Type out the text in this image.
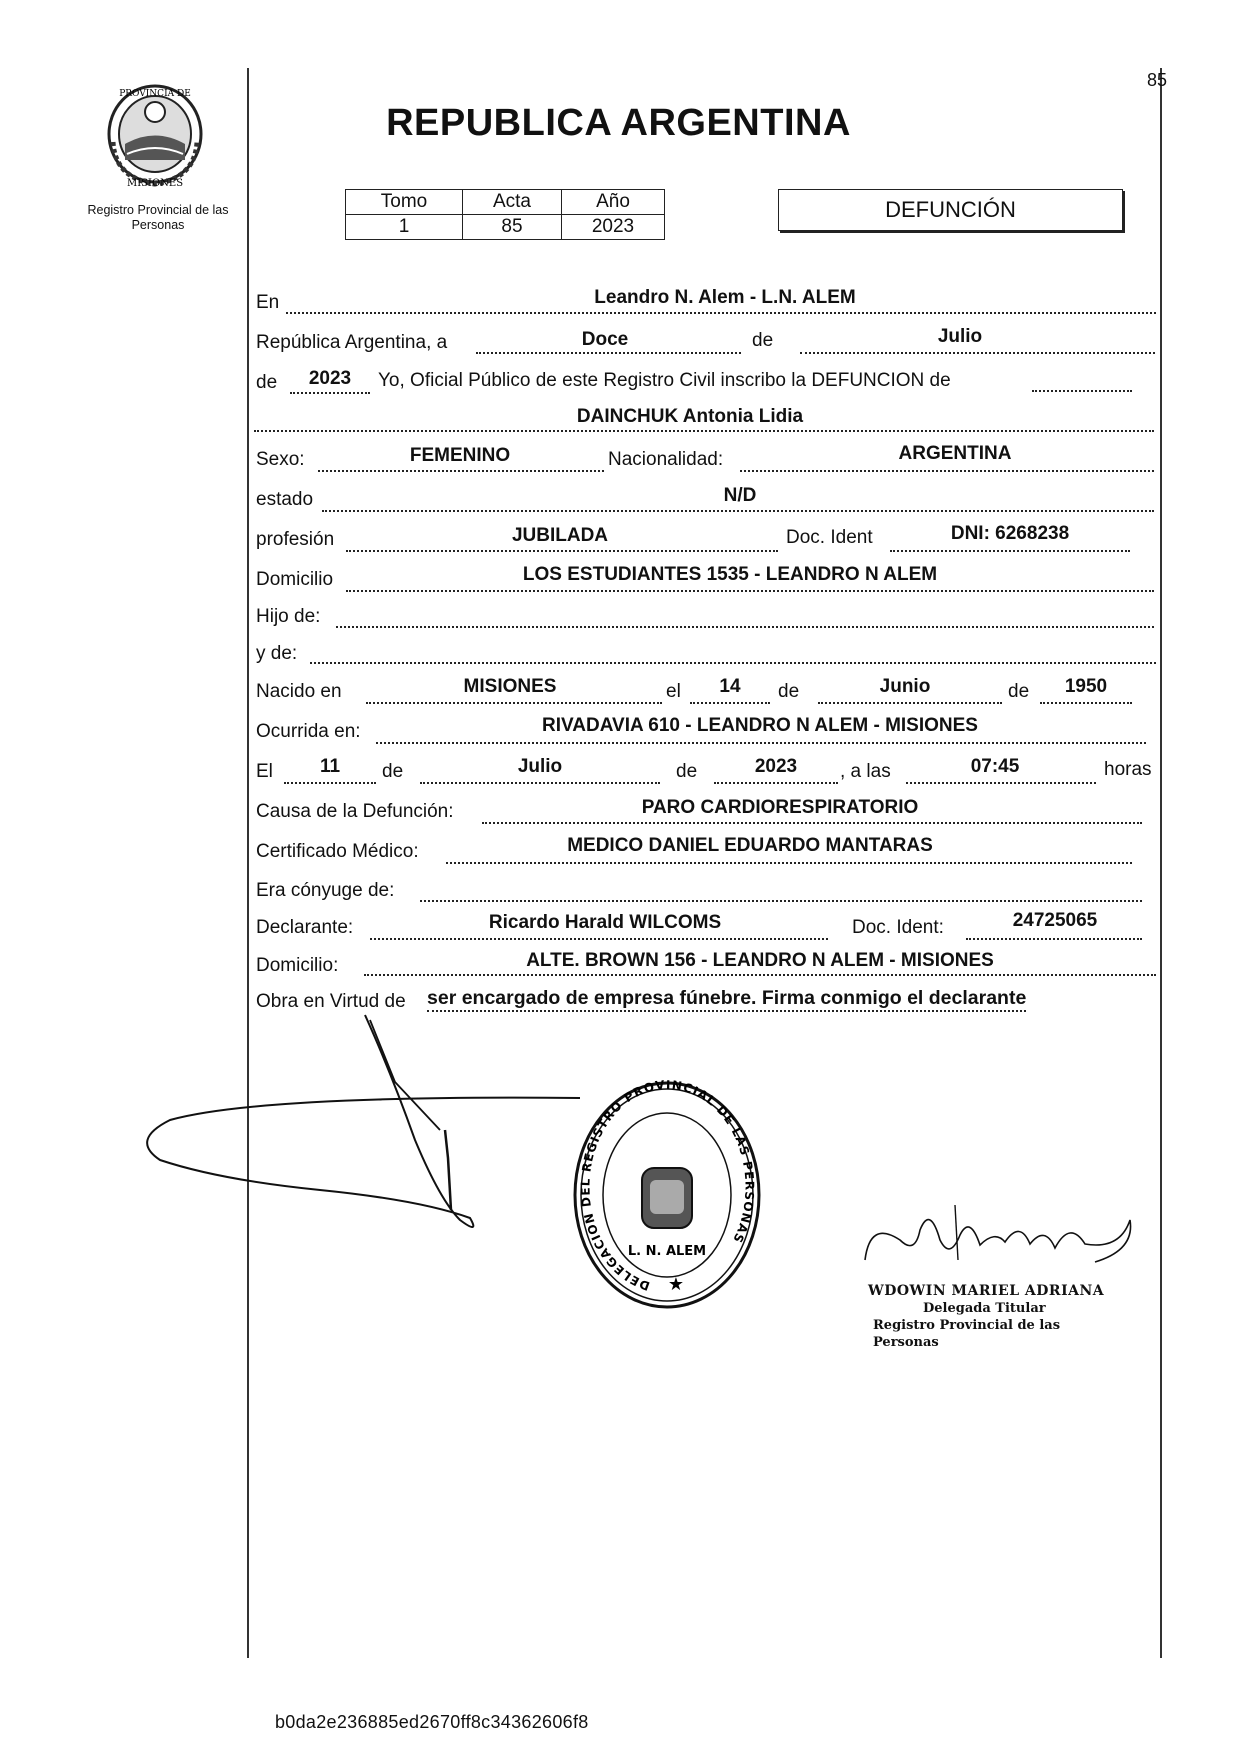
85
PROVINCIA DE
MISIONES
Registro Provincial de las Personas
REPUBLICA ARGENTINA
Tomo	Acta	Año
1	85	2023
DEFUNCIÓN
En	Leandro N. Alem - L.N. ALEM
República Argentina, a	Doce	de	Julio
de	2023	Yo, Oficial Público de este Registro Civil inscribo la DEFUNCION de
DAINCHUK Antonia Lidia
Sexo:	FEMENINO	Nacionalidad:	ARGENTINA
estado	N/D
profesión	JUBILADA	Doc. Ident	DNI: 6268238
Domicilio	LOS ESTUDIANTES 1535 - LEANDRO N ALEM
Hijo de:
y de:
Nacido en	MISIONES	el	14	de	Junio	de	1950
Ocurrida en:	RIVADAVIA 610 - LEANDRO N ALEM - MISIONES
El	11	de	Julio	de	2023	, a las	07:45	horas
Causa de la Defunción:	PARO CARDIORESPIRATORIO
Certificado Médico:	MEDICO DANIEL EDUARDO MANTARAS
Era cónyuge de:
Declarante:	Ricardo Harald WILCOMS	Doc. Ident:	24725065
Domicilio:	ALTE. BROWN 156 - LEANDRO N ALEM - MISIONES
Obra en Virtud de ser encargado de empresa fúnebre. Firma conmigo el declarante
DELEGACION DEL REGISTRO PROVINCIAL DE LAS PERSONAS
L. N. ALEM
★	WDOWIN MARIEL ADRIANA
Delegada Titular
Registro Provincial de las Personas
b0da2e236885ed2670ff8c34362606f8
